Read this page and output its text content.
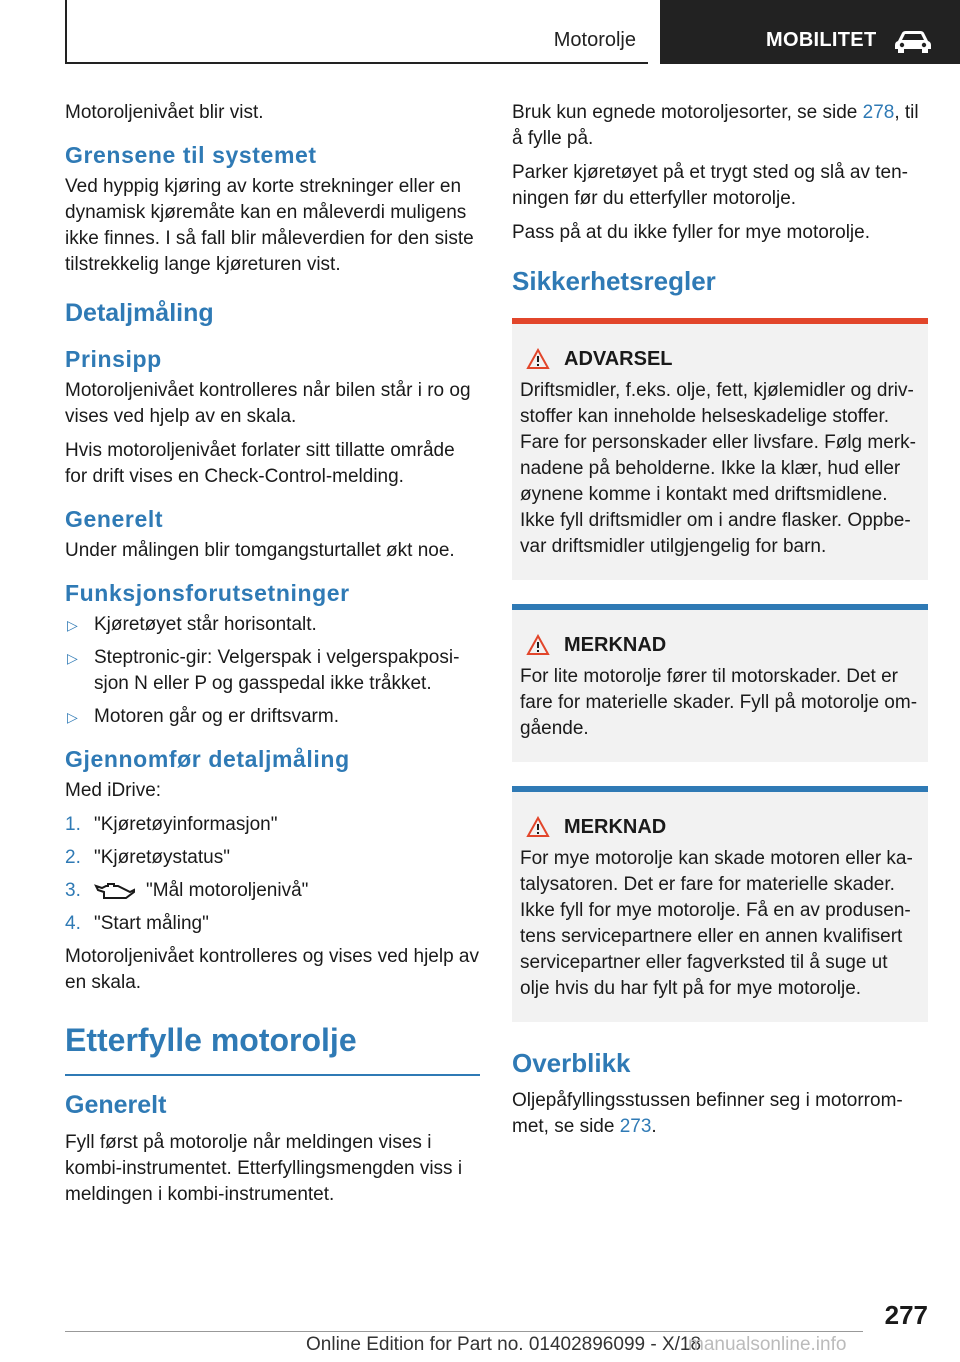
Motorolje	MOBILITET

Motoroljenivået blir vist.

Grensene til systemet

Ved hyppig kjøring av korte strekninger eller en dynamisk kjøremåte kan en måleverdi muligens ikke finnes. I så fall blir måleverdien for den siste tilstrekkelig lange kjøreturen vist.

Detaljmåling
Prinsipp

Motoroljenivået kontrolleres når bilen står i ro og vises ved hjelp av en skala.

Hvis motoroljenivået forlater sitt tillatte område for drift vises en Check-Control-melding.

Generelt

Under målingen blir tomgangsturtallet økt noe.

Funksjonsforutsetninger
▷ Kjøretøyet står horisontalt.
▷ Steptronic-gir: Velgerspak i velgerspakposisjon N eller P og gasspedal ikke tråkket.
▷ Motoren går og er driftsvarm.
Gjennomfør detaljmåling

Med iDrive:

1. "Kjøretøyinformasjon"
2. "Kjøretøystatus"
3.	"Mål motoroljenivå"
4. "Start måling"

Motoroljenivået kontrolleres og vises ved hjelp av en skala.

Etterfylle motorolje
Generelt

Fyll først på motorolje når meldingen vises i kombi-instrumentet. Etterfyllingsmengden viss i meldingen i kombi-instrumentet.

Bruk kun egnede motoroljesorter, se side 278, til å fylle på.

Parker kjøretøyet på et trygt sted og slå av tenningen før du etterfyller motorolje.

Pass på at du ikke fyller for mye motorolje.

Sikkerhetsregler
ADVARSEL

Driftsmidler, f.eks. olje, fett, kjølemidler og drivstoffer kan inneholde helseskadelige stoffer. Fare for personskader eller livsfare. Følg merknadene på beholderne. Ikke la klær, hud eller øynene komme i kontakt med driftsmidlene. Ikke fyll driftsmidler om i andre flasker. Oppbevar driftsmidler utilgjengelig for barn.

MERKNAD

For lite motorolje fører til motorskader. Det er fare for materielle skader. Fyll på motorolje omgående.

MERKNAD

For mye motorolje kan skade motoren eller katalysatoren. Det er fare for materielle skader. Ikke fyll for mye motorolje. Få en av produsentens servicepartnere eller en annen kvalifisert servicepartner eller fagverksted til å suge ut olje hvis du har fylt på for mye motorolje.

Overblikk

Oljepåfyllingsstussen befinner seg i motorrommet, se side 273.

277
Online Edition for Part no. 01402896099 - X/18
manualsonline.info
